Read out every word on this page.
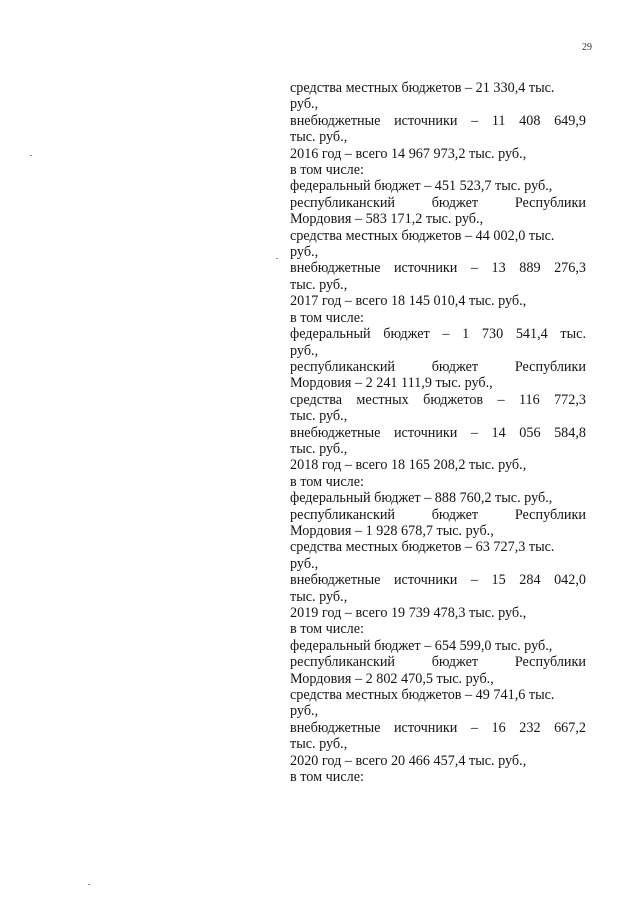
29
средства местных бюджетов – 21 330,4 тыс.
руб.,
внебюджетные источники – 11 408 649,9
тыс. руб.,
2016 год – всего 14 967 973,2 тыс. руб.,
в том числе:
федеральный бюджет – 451 523,7 тыс. руб.,
республиканский бюджет Республики
Мордовия – 583 171,2 тыс. руб.,
средства местных бюджетов – 44 002,0 тыс.
руб.,
внебюджетные источники – 13 889 276,3
тыс. руб.,
2017 год – всего 18 145 010,4 тыс. руб.,
в том числе:
федеральный бюджет – 1 730 541,4 тыс.
руб.,
республиканский бюджет Республики
Мордовия – 2 241 111,9 тыс. руб.,
средства местных бюджетов – 116 772,3
тыс. руб.,
внебюджетные источники – 14 056 584,8
тыс. руб.,
2018 год – всего 18 165 208,2 тыс. руб.,
в том числе:
федеральный бюджет – 888 760,2 тыс. руб.,
республиканский бюджет Республики
Мордовия – 1 928 678,7 тыс. руб.,
средства местных бюджетов – 63 727,3 тыс.
руб.,
внебюджетные источники – 15 284 042,0
тыс. руб.,
2019 год – всего 19 739 478,3 тыс. руб.,
в том числе:
федеральный бюджет – 654 599,0 тыс. руб.,
республиканский бюджет Республики
Мордовия – 2 802 470,5 тыс. руб.,
средства местных бюджетов – 49 741,6 тыс.
руб.,
внебюджетные источники – 16 232 667,2
тыс. руб.,
2020 год – всего 20 466 457,4 тыс. руб.,
в том числе:
